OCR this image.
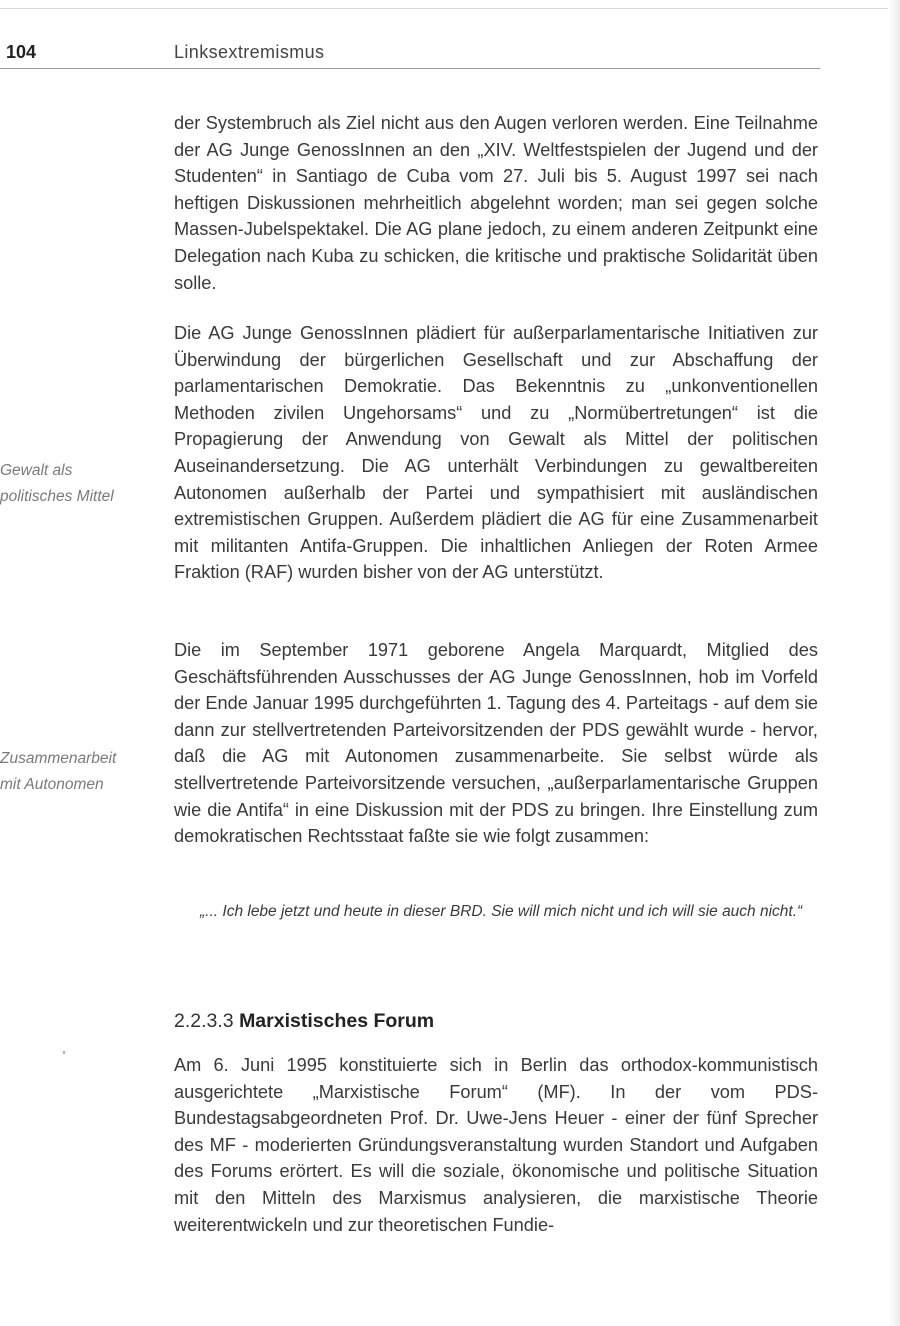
104	Linksextremismus

der Systembruch als Ziel nicht aus den Augen verloren werden. Eine Teilnahme der AG Junge GenossInnen an den „XIV. Weltfestspielen der Jugend und der Studenten“ in Santiago de Cuba vom 27. Juli bis 5. August 1997 sei nach heftigen Diskussionen mehrheitlich abgelehnt worden; man sei gegen solche Massen-Jubelspektakel. Die AG plane jedoch, zu einem anderen Zeitpunkt eine Delegation nach Kuba zu schicken, die kritische und praktische Solidarität üben solle.

Die AG Junge GenossInnen plädiert für außerparlamentarische Initiativen zur Überwindung der bürgerlichen Gesellschaft und zur Abschaffung der parlamentarischen Demokratie. Das Bekenntnis zu „unkonventionellen Methoden zivilen Ungehorsams“ und zu „Normübertretungen“ ist die Propagierung der Anwendung von Gewalt als Mittel der politischen Auseinandersetzung. Die AG unterhält Verbindungen zu gewaltbereiten Autonomen außerhalb der Partei und sympathisiert mit ausländischen extremistischen Gruppen. Außerdem plädiert die AG für eine Zusammenarbeit mit militanten Antifa-Gruppen. Die inhaltlichen Anliegen der Roten Armee Fraktion (RAF) wurden bisher von der AG unterstützt.

Gewalt als
politisches Mittel

Die im September 1971 geborene Angela Marquardt, Mitglied des Geschäftsführenden Ausschusses der AG Junge GenossInnen, hob im Vorfeld der Ende Januar 1995 durchgeführten 1. Tagung des 4. Parteitags - auf dem sie dann zur stellvertretenden Parteivorsitzenden der PDS gewählt wurde - hervor, daß die AG mit Autonomen zusammenarbeite. Sie selbst würde als stellvertretende Parteivorsitzende versuchen, „außerparlamentarische Gruppen wie die Antifa“ in eine Diskussion mit der PDS zu bringen. Ihre Einstellung zum demokratischen Rechtsstaat faßte sie wie folgt zusammen:

Zusammenarbeit
mit Autonomen

„... Ich lebe jetzt und heute in dieser BRD. Sie will mich nicht und ich will sie auch nicht.“

2.2.3.3 Marxistisches Forum

Am 6. Juni 1995 konstituierte sich in Berlin das orthodox-kommunistisch ausgerichtete „Marxistische Forum“ (MF). In der vom PDS-Bundestagsabgeordneten Prof. Dr. Uwe-Jens Heuer - einer der fünf Sprecher des MF - moderierten Gründungsveranstaltung wurden Standort und Aufgaben des Forums erörtert. Es will die soziale, ökonomische und politische Situation mit den Mitteln des Marxismus analysieren, die marxistische Theorie weiterentwickeln und zur theoretischen Fundie-
